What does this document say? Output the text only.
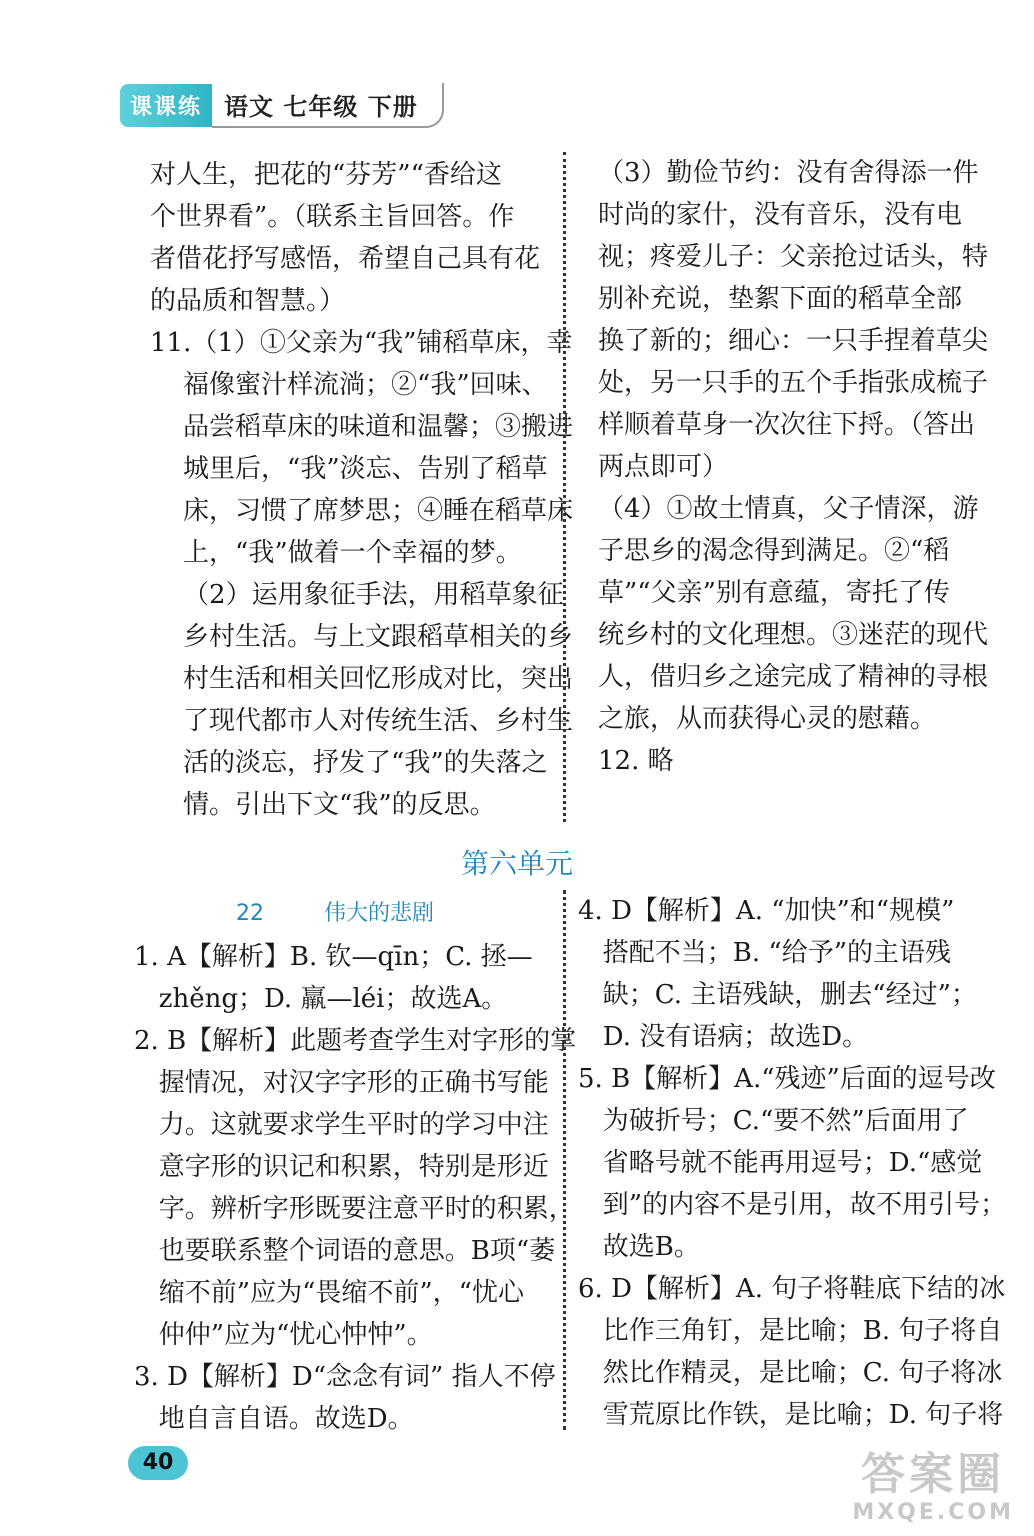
课课练 语文 七年级 下册

对人生，把花的“芬芳”“香给这

个世界看”。（联系主旨回答。作

者借花抒写感悟，希望自己具有花

的品质和智慧。）

11.（1）①父亲为“我”铺稻草床，幸

福像蜜汁样流淌；②“我”回味、

品尝稻草床的味道和温馨；③搬进

城里后，“我”淡忘、告别了稻草

床，习惯了席梦思；④睡在稻草床

上，“我”做着一个幸福的梦。

（2）运用象征手法，用稻草象征

乡村生活。与上文跟稻草相关的乡

村生活和相关回忆形成对比，突出

了现代都市人对传统生活、乡村生

活的淡忘，抒发了“我”的失落之

情。引出下文“我”的反思。

（3）勤俭节约：没有舍得添一件

时尚的家什，没有音乐，没有电

视；疼爱儿子：父亲抢过话头，特

别补充说，垫絮下面的稻草全部

换了新的；细心：一只手捏着草尖

处，另一只手的五个手指张成梳子

样顺着草身一次次往下捋。（答出

两点即可）

（4）①故土情真，父子情深，游

子思乡的渴念得到满足。②“稻

草”“父亲”别有意蕴，寄托了传

统乡村的文化理想。③迷茫的现代

人，借归乡之途完成了精神的寻根

之旅，从而获得心灵的慰藉。

12. 略

第六单元
22	伟大的悲剧

1. A【解析】B. 钦—qīn；C. 拯—

zhěng；D. 羸—léi；故选A。

2. B【解析】此题考查学生对字形的掌

握情况，对汉字字形的正确书写能

力。这就要求学生平时的学习中注

意字形的识记和积累，特别是形近

字。辨析字形既要注意平时的积累，

也要联系整个词语的意思。B项“萎

缩不前”应为“畏缩不前”，“忧心

仲仲”应为“忧心忡忡”。

3. D【解析】D“念念有词” 指人不停

地自言自语。故选D。

4. D【解析】A. “加快”和“规模”

搭配不当；B. “给予”的主语残

缺；C. 主语残缺，删去“经过”；

D. 没有语病；故选D。

5. B【解析】A.“残迹”后面的逗号改

为破折号；C.“要不然”后面用了

省略号就不能再用逗号；D.“感觉

到”的内容不是引用，故不用引号；

故选B。

6. D【解析】A. 句子将鞋底下结的冰

比作三角钉，是比喻；B. 句子将自

然比作精灵，是比喻；C. 句子将冰

雪荒原比作铁，是比喻；D. 句子将

40	答案圈
MXQE.COM
